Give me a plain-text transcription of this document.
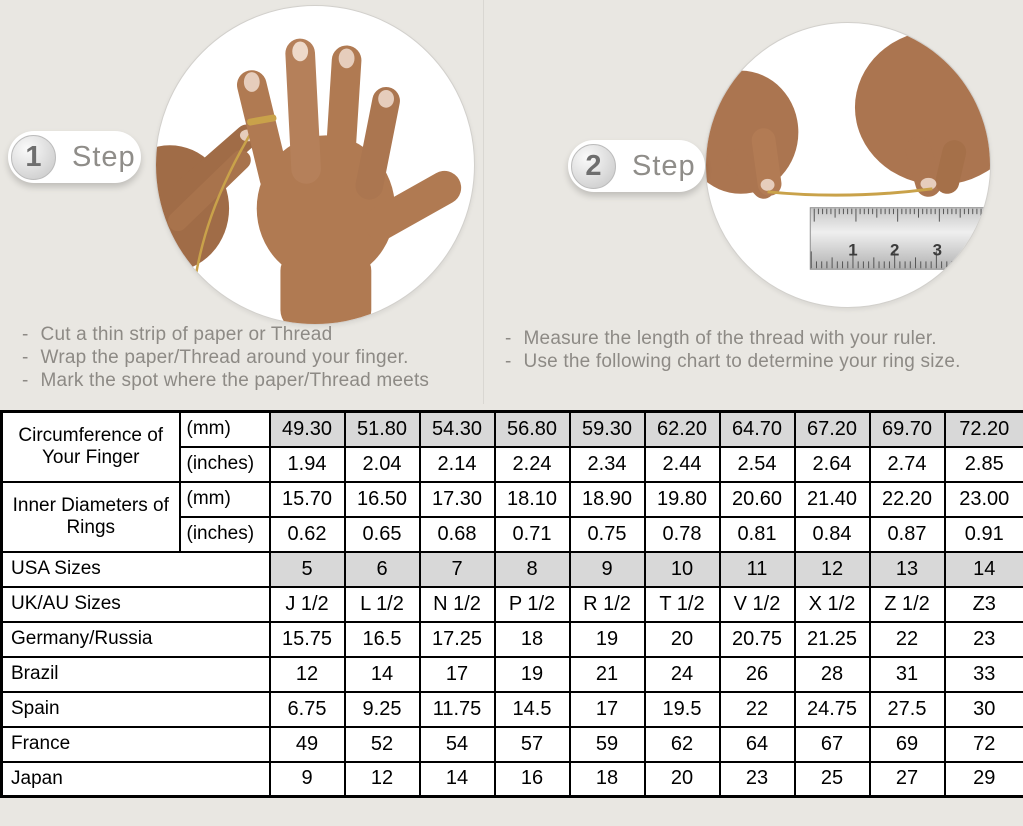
1 2 3
1	Step	2	Step
- Cut a thin strip of paper or Thread
- Wrap the paper/Thread around your finger.
- Mark the spot where the paper/Thread meets
- Measure the length of the thread with your ruler.
- Use the following chart to determine your ring size.
Circumference of Your Finger	(mm)	49.30	51.80	54.30	56.80	59.30	62.20	64.70	67.20	69.70	72.20
	(inches)	1.94	2.04	2.14	2.24	2.34	2.44	2.54	2.64	2.74	2.85
Inner Diameters of Rings	(mm)	15.70	16.50	17.30	18.10	18.90	19.80	20.60	21.40	22.20	23.00
	(inches)	0.62	0.65	0.68	0.71	0.75	0.78	0.81	0.84	0.87	0.91
USA Sizes		5	6	7	8	9	10	11	12	13	14
UK/AU Sizes		J 1/2	L 1/2	N 1/2	P 1/2	R 1/2	T 1/2	V 1/2	X 1/2	Z 1/2	Z3
Germany/Russia		15.75	16.5	17.25	18	19	20	20.75	21.25	22	23
Brazil		12	14	17	19	21	24	26	28	31	33
Spain		6.75	9.25	11.75	14.5	17	19.5	22	24.75	27.5	30
France		49	52	54	57	59	62	64	67	69	72
Japan		9	12	14	16	18	20	23	25	27	29
